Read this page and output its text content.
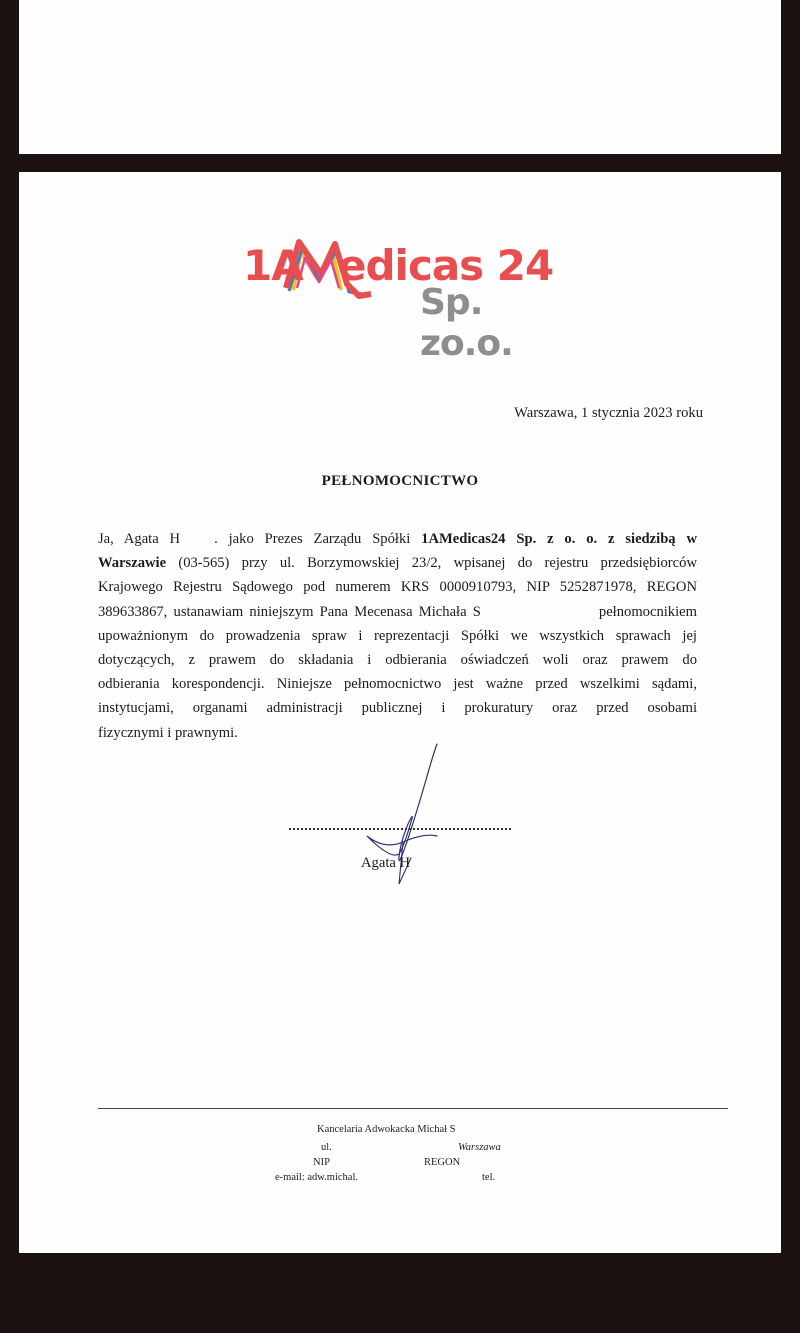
1A edicas 24
Sp. zo.o.
Warszawa, 1 stycznia 2023 roku
PEŁNOMOCNICTWO
Ja, Agata H . jako Prezes Zarządu Spółki 1AMedicas24 Sp. z o. o. z siedzibą w
Warszawie (03-565) przy ul. Borzymowskiej 23/2, wpisanej do rejestru przedsiębiorców
Krajowego Rejestru Sądowego pod numerem KRS 0000910793, NIP 5252871978, REGON
389633867, ustanawiam niniejszym Pana Mecenasa Michała S	pełnomocnikiem
upoważnionym do prowadzenia spraw i reprezentacji Spółki we wszystkich sprawach jej
dotyczących, z prawem do składania i odbierania oświadczeń woli oraz prawem do
odbierania korespondencji. Niniejsze pełnomocnictwo jest ważne przed wszelkimi sądami,
instytucjami, organami administracji publicznej i prokuratury oraz przed osobami
fizycznymi i prawnymi.
Agata H
Kancelaria Adwokacka Michał S
ul.	Warszawa
NIP	REGON
e-mail: adw.michal.	tel.
